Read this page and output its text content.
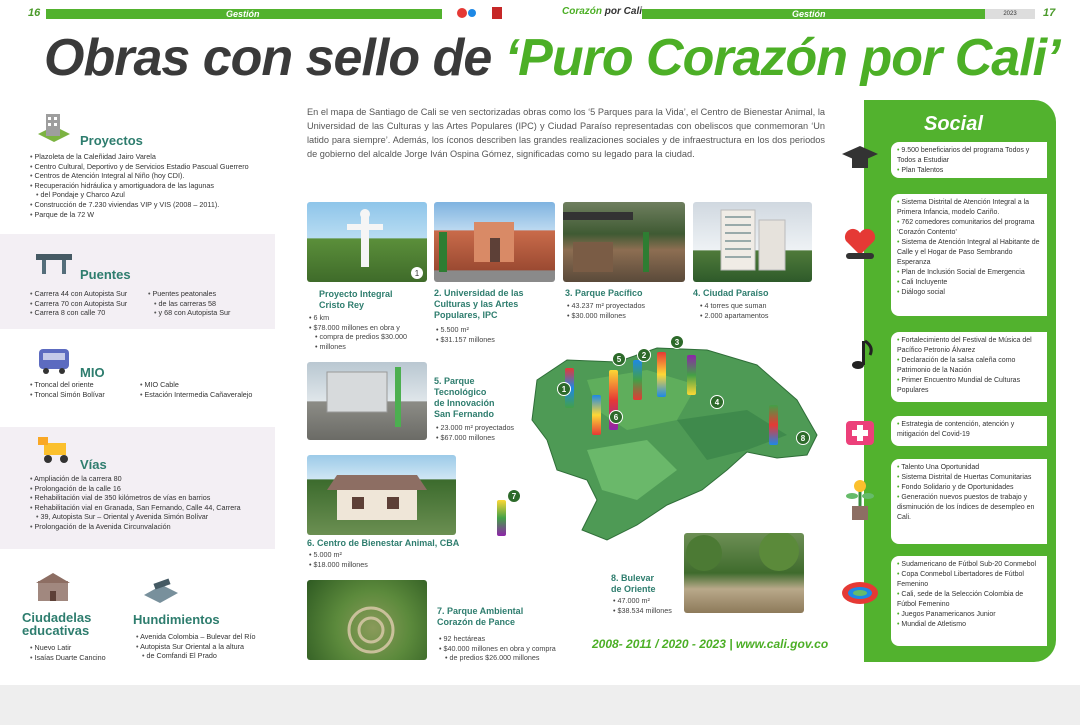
16	Gestión	Corazón por Cali	Gestión	2023	17
Obras con sello de ‘Puro Corazón por Cali’
Proyectos
• Plazoleta de la Caleñidad Jairo Varela
• Centro Cultural, Deportivo y de Servicios Estadio Pascual Guerrero
• Centros de Atención Integral al Niño (hoy CDI).
• Recuperación hidráulica y amortiguadora de las lagunas
• del Pondaje y Charco Azul
• Construcción de 7.230 viviendas VIP y VIS (2008 – 2011).
• Parque de la 72 W
Puentes
• Carrera 44 con Autopista Sur
• Carrera 70 con Autopista Sur
• Carrera 8 con calle 70
• Puentes peatonales
• de las carreras 58
• y 68 con Autopista Sur
MIO
• Troncal del oriente
• Troncal Simón Bolívar
• MIO Cable
• Estación Intermedia Cañaveralejo
Vías
• Ampliación de la carrera 80
• Prolongación de la calle 16
• Rehabilitación vial de 350 kilómetros de vías en barrios
• Rehabilitación vial en Granada, San Fernando, Calle 44, Carrera
• 39, Autopista Sur – Oriental y Avenida Simón Bolívar
• Prolongación de la Avenida Circunvalación
Ciudadelas
educativas
• Nuevo Latir
• Isaías Duarte Cancino
Hundimientos
• Avenida Colombia – Bulevar del Río
• Autopista Sur Oriental a la altura
• de Comfandi El Prado

En el mapa de Santiago de Cali se ven sectorizadas obras como los ‘5 Parques para la Vida’, el Centro de Bienestar Animal, la Universidad de las Culturas y las Artes Populares (IPC) y Ciudad Paraíso representadas con obeliscos que conmemoran ‘Un latido para siempre’. Además, los íconos describen las grandes realizaciones sociales y de infraestructura en los dos periodos de gobierno del alcalde Jorge Iván Ospina Gómez, significadas como su legado para la ciudad.

1
Proyecto Integral
Cristo Rey
• 6 km
• $78.000 millones en obra y
• compra de predios $30.000
• millones
2. Universidad de las
Culturas y las Artes
Populares, IPC
• 5.500 m²
• $31.157 millones
3. Parque Pacífico
• 43.237 m² proyectados
• $30.000 millones
4. Ciudad Paraíso
• 4 torres que suman
• 2.000 apartamentos
5. Parque
Tecnológico
de Innovación
San Fernando
• 23.000 m² proyectados
• $67.000 millones
6. Centro de Bienestar Animal, CBA
• 5.000 m²
• $18.000 millones
7. Parque Ambiental
Corazón de Pance
• 92 hectáreas
• $40.000 millones en obra y compra
• de predios $26.000 millones
8. Bulevar
de Oriente
• 47.000 m²
• $38.534 millones
1
2
3
4
5
6
7
8
2008- 2011 / 2020 - 2023 | www.cali.gov.co
Social
• 9.500 beneficiarios del programa Todos y Todos a Estudiar
• Plan Talentos
• Sistema Distrital de Atención Integral a la Primera Infancia, modelo Cariño.
• 762 comedores comunitarios del programa ‘Corazón Contento’
• Sistema de Atención Integral al Habitante de Calle y el Hogar de Paso Sembrando Esperanza
• Plan de Inclusión Social de Emergencia
• Cali Incluyente
• Diálogo social
• Fortalecimiento del Festival de Música del Pacífico Petronio Álvarez
• Declaración de la salsa caleña como Patrimonio de la Nación
• Primer Encuentro Mundial de Culturas Populares
• Estrategia de contención, atención y mitigación del Covid-19
• Talento Una Oportunidad
• Sistema Distrital de Huertas Comunitarias
• Fondo Solidario y de Oportunidades
• Generación nuevos puestos de trabajo y disminución de los índices de desempleo en Cali.
• Sudamericano de Fútbol Sub-20 Conmebol
• Copa Conmebol Libertadores de Fútbol Femenino
• Cali, sede de la Selección Colombia de Fútbol Femenino
• Juegos Panamericanos Junior
• Mundial de Atletismo
